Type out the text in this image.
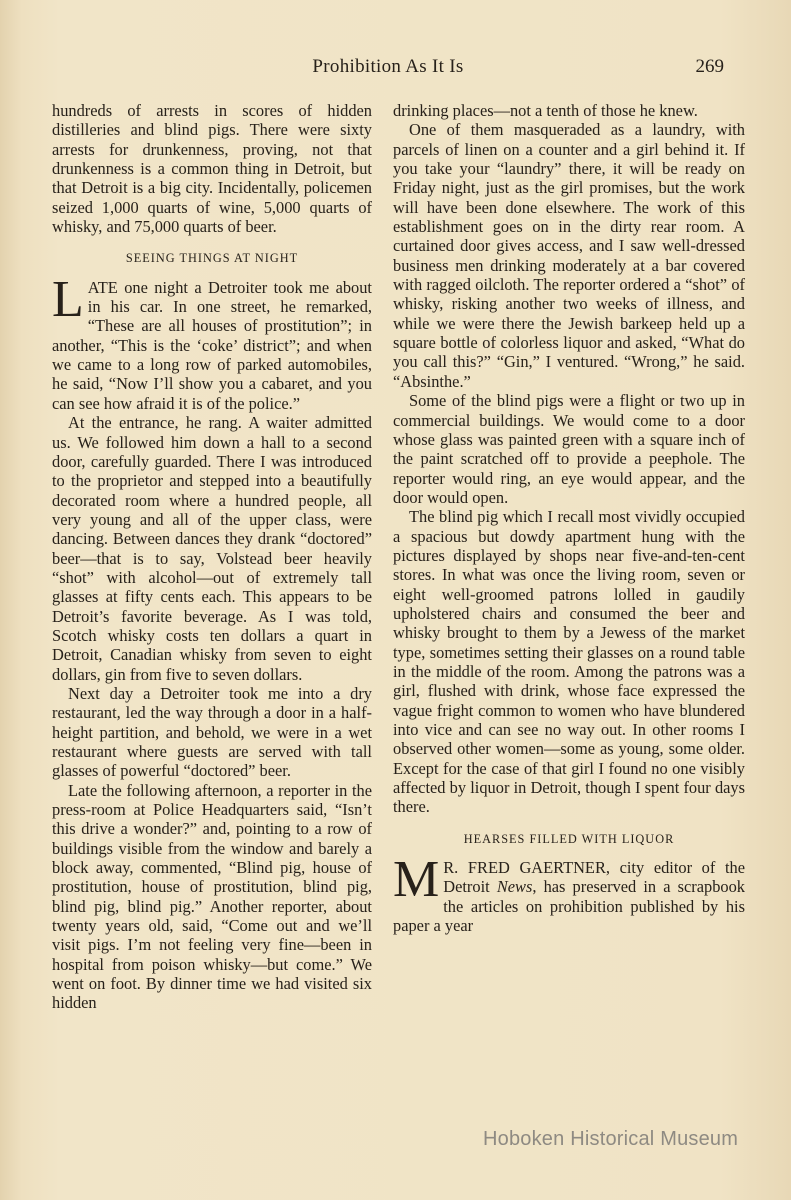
Prohibition As It Is	269

hundreds of arrests in scores of hidden distilleries and blind pigs. There were sixty arrests for drunkenness, proving, not that drunkenness is a common thing in Detroit, but that Detroit is a big city. Incidentally, policemen seized 1,000 quarts of wine, 5,000 quarts of whisky, and 75,000 quarts of beer.

SEEING THINGS AT NIGHT

LATE one night a Detroiter took me about in his car. In one street, he remarked, “These are all houses of prostitution”; in another, “This is the ‘coke’ district”; and when we came to a long row of parked automobiles, he said, “Now I’ll show you a cabaret, and you can see how afraid it is of the police.”

At the entrance, he rang. A waiter admitted us. We followed him down a hall to a second door, carefully guarded. There I was introduced to the proprietor and stepped into a beautifully decorated room where a hundred people, all very young and all of the upper class, were dancing. Between dances they drank “doctored” beer—that is to say, Volstead beer heavily “shot” with alcohol—out of extremely tall glasses at fifty cents each. This appears to be Detroit’s favorite beverage. As I was told, Scotch whisky costs ten dollars a quart in Detroit, Canadian whisky from seven to eight dollars, gin from five to seven dollars.

Next day a Detroiter took me into a dry restaurant, led the way through a door in a half-height partition, and behold, we were in a wet restaurant where guests are served with tall glasses of powerful “doctored” beer.

Late the following afternoon, a reporter in the press-room at Police Headquarters said, “Isn’t this drive a wonder?” and, pointing to a row of buildings visible from the window and barely a block away, commented, “Blind pig, house of prostitution, house of prostitution, blind pig, blind pig, blind pig.” Another reporter, about twenty years old, said, “Come out and we’ll visit pigs. I’m not feeling very fine—been in hospital from poison whisky—but come.” We went on foot. By dinner time we had visited six hidden

drinking places—not a tenth of those he knew.

One of them masqueraded as a laundry, with parcels of linen on a counter and a girl behind it. If you take your “laundry” there, it will be ready on Friday night, just as the girl promises, but the work will have been done elsewhere. The work of this establishment goes on in the dirty rear room. A curtained door gives access, and I saw well-dressed business men drinking moderately at a bar covered with ragged oilcloth. The reporter ordered a “shot” of whisky, risking another two weeks of illness, and while we were there the Jewish barkeep held up a square bottle of colorless liquor and asked, “What do you call this?” “Gin,” I ventured. “Wrong,” he said. “Absinthe.”

Some of the blind pigs were a flight or two up in commercial buildings. We would come to a door whose glass was painted green with a square inch of the paint scratched off to provide a peephole. The reporter would ring, an eye would appear, and the door would open.

The blind pig which I recall most vividly occupied a spacious but dowdy apartment hung with the pictures displayed by shops near five-and-ten-cent stores. In what was once the living room, seven or eight well-groomed patrons lolled in gaudily upholstered chairs and consumed the beer and whisky brought to them by a Jewess of the market type, sometimes setting their glasses on a round table in the middle of the room. Among the patrons was a girl, flushed with drink, whose face expressed the vague fright common to women who have blundered into vice and can see no way out. In other rooms I observed other women—some as young, some older. Except for the case of that girl I found no one visibly affected by liquor in Detroit, though I spent four days there.

HEARSES FILLED WITH LIQUOR

M R. FRED GAERTNER, city editor of the Detroit News, has preserved in a scrapbook the articles on prohibition published by his paper a year

Hoboken Historical Museum
